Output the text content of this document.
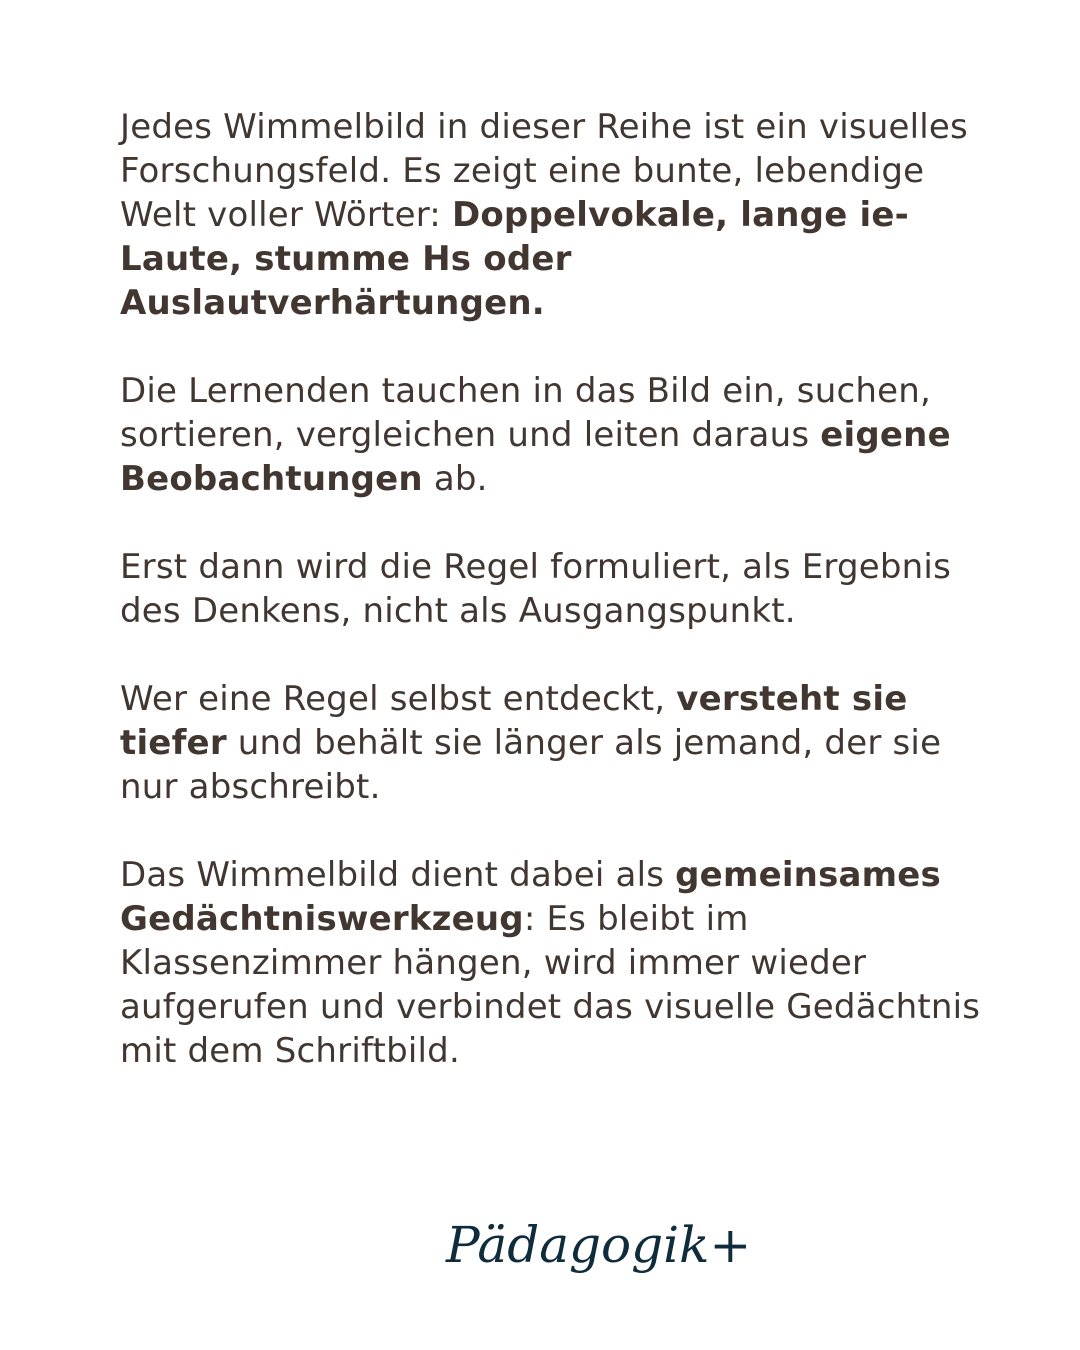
Jedes Wimmelbild in dieser Reihe ist ein visuelles Forschungsfeld. Es zeigt eine bunte, lebendige Welt voller Wörter: Doppelvokale, lange ie-Laute, stumme Hs oder Auslautverhärtungen.

Die Lernenden tauchen in das Bild ein, suchen, sortieren, vergleichen und leiten daraus eigene Beobachtungen ab.

Erst dann wird die Regel formuliert, als Ergebnis des Denkens, nicht als Ausgangspunkt.

Wer eine Regel selbst entdeckt, versteht sie tiefer und behält sie länger als jemand, der sie nur abschreibt.

Das Wimmelbild dient dabei als gemeinsames Gedächtniswerkzeug: Es bleibt im Klassenzimmer hängen, wird immer wieder aufgerufen und verbindet das visuelle Gedächtnis mit dem Schriftbild.

Pädagogik+
